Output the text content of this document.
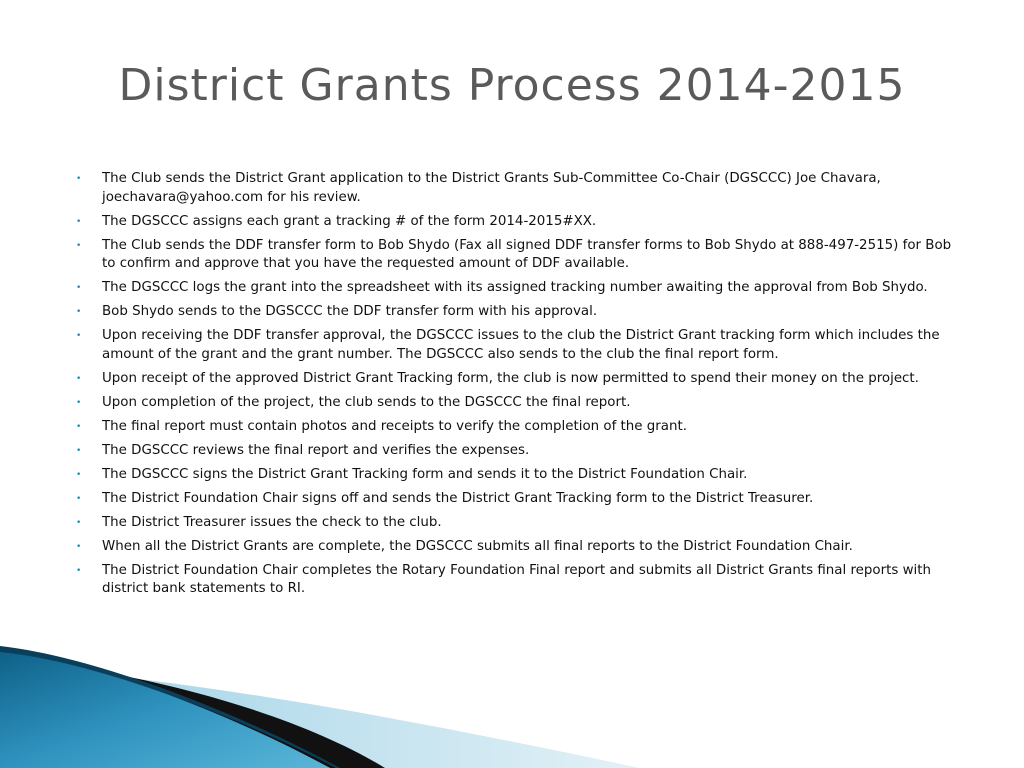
District Grants Process 2014-2015
• The Club sends the District Grant application to the District Grants Sub-Committee Co-Chair (DGSCCC) Joe Chavara, joechavara@yahoo.com for his review.
• The DGSCCC assigns each grant a tracking # of the form 2014-2015#XX.
• The Club sends the DDF transfer form to Bob Shydo (Fax all signed DDF transfer forms to Bob Shydo at 888-497-2515) for Bob to confirm and approve that you have the requested amount of DDF available.
• The DGSCCC logs the grant into the spreadsheet with its assigned tracking number awaiting the approval from Bob Shydo.
• Bob Shydo sends to the DGSCCC the DDF transfer form with his approval.
• Upon receiving the DDF transfer approval, the DGSCCC issues to the club the District Grant tracking form which includes the amount of the grant and the grant number. The DGSCCC also sends to the club the final report form.
• Upon receipt of the approved District Grant Tracking form, the club is now permitted to spend their money on the project.
• Upon completion of the project, the club sends to the DGSCCC the final report.
• The final report must contain photos and receipts to verify the completion of the grant.
• The DGSCCC reviews the final report and verifies the expenses.
• The DGSCCC signs the District Grant Tracking form and sends it to the District Foundation Chair.
• The District Foundation Chair signs off and sends the District Grant Tracking form to the District Treasurer.
• The District Treasurer issues the check to the club.
• When all the District Grants are complete, the DGSCCC submits all final reports to the District Foundation Chair.
• The District Foundation Chair completes the Rotary Foundation Final report and submits all District Grants final reports with district bank statements to RI.
